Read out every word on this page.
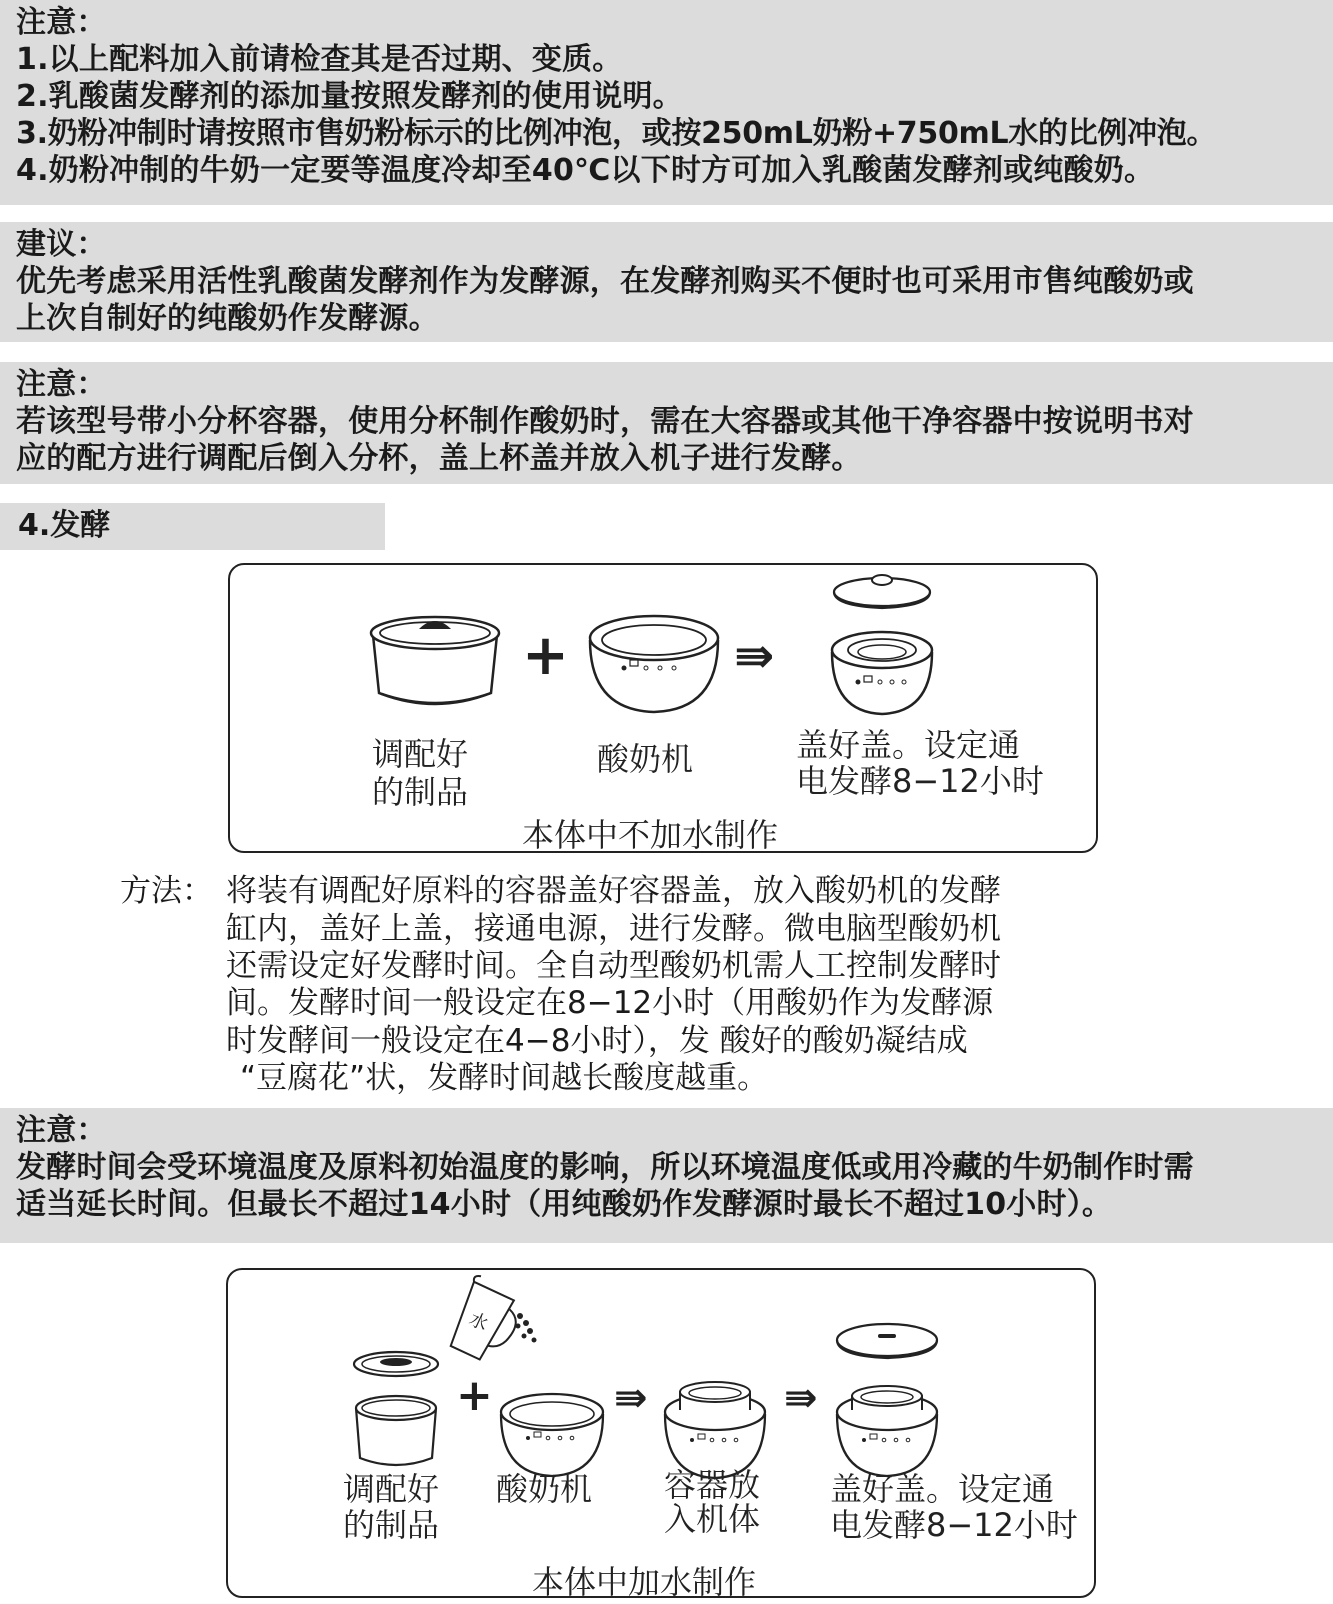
注意：
1.以上配料加入前请检查其是否过期、变质。
2.乳酸菌发酵剂的添加量按照发酵剂的使用说明。
3.奶粉冲制时请按照市售奶粉标示的比例冲泡，或按250mL奶粉+750mL水的比例冲泡。
4.奶粉冲制的牛奶一定要等温度冷却至40℃以下时方可加入乳酸菌发酵剂或纯酸奶。
建议：
优先考虑采用活性乳酸菌发酵剂作为发酵源，在发酵剂购买不便时也可采用市售纯酸奶或
上次自制好的纯酸奶作发酵源。
注意：
若该型号带小分杯容器，使用分杯制作酸奶时，需在大容器或其他干净容器中按说明书对
应的配方进行调配后倒入分杯，盖上杯盖并放入机子进行发酵。
4.发酵
+	⇛
调配好
的制品
酸奶机	盖好盖。设定通
电发酵8−12小时
本体中不加水制作
方法： 将装有调配好原料的容器盖好容器盖，放入酸奶机的发酵
缸内，盖好上盖，接通电源，进行发酵。微电脑型酸奶机
还需设定好发酵时间。全自动型酸奶机需人工控制发酵时
间。发酵时间一般设定在8−12小时（用酸奶作为发酵源
时发酵间一般设定在4−8小时），发 酸好的酸奶凝结成
“豆腐花”状，发酵时间越长酸度越重。
注意：
发酵时间会受环境温度及原料初始温度的影响，所以环境温度低或用冷藏的牛奶制作时需
适当延长时间。但最长不超过14小时（用纯酸奶作发酵源时最长不超过10小时）。
水
+	⇛	⇛
调配好
的制品
酸奶机 容器放
入机体
盖好盖。设定通
电发酵8−12小时
本体中加水制作
